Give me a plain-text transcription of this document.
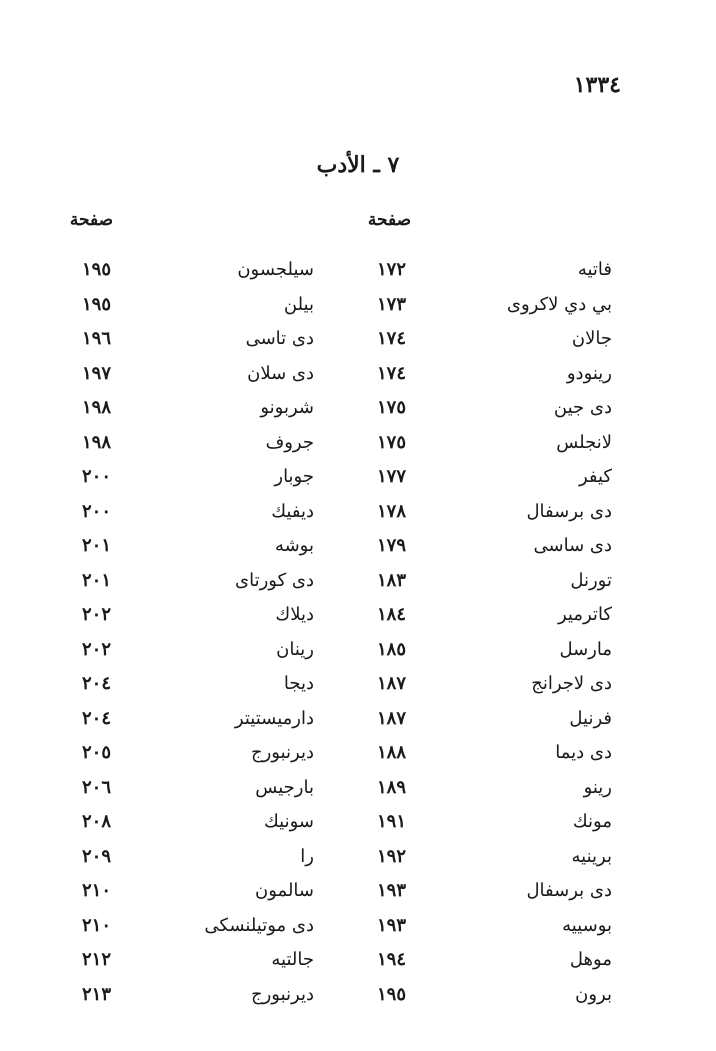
١٣٣٤
٧ ـ الأدب
صفحة
صفحة
فاتيه
١٧٢
سيلجسون
١٩٥
بي دي لاكروى
١٧٣
بيلن
١٩٥
جالان
١٧٤
دى تاسى
١٩٦
رينودو
١٧٤
دى سلان
١٩٧
دى جين
١٧٥
شربونو
١٩٨
لانجلس
١٧٥
جروف
١٩٨
كيفر
١٧٧
جوبار
٢٠٠
دى برسفال
١٧٨
ديفيك
٢٠٠
دى ساسى
١٧٩
بوشه
٢٠١
تورنل
١٨٣
دى كورتاى
٢٠١
كاترمير
١٨٤
ديلاك
٢٠٢
مارسل
١٨٥
رينان
٢٠٢
دى لاجرانج
١٨٧
ديجا
٢٠٤
فرنيل
١٨٧
دارميستيتر
٢٠٤
دى ديما
١٨٨
ديرنبورج
٢٠٥
رينو
١٨٩
بارجيس
٢٠٦
مونك
١٩١
سونيك
٢٠٨
برينيه
١٩٢
را
٢٠٩
دى برسفال
١٩٣
سالمون
٢١٠
بوسييه
١٩٣
دى موتيلنسكى
٢١٠
موهل
١٩٤
جالتيه
٢١٢
برون
١٩٥
ديرنبورج
٢١٣
